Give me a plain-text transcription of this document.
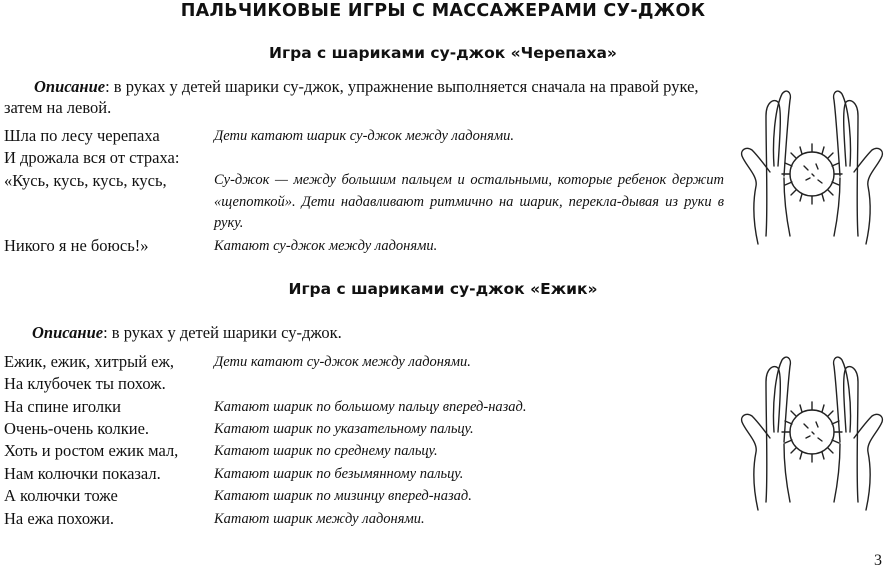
ПАЛЬЧИКОВЫЕ ИГРЫ С МАССАЖЕРАМИ СУ-ДЖОК
Игра с шариками су-джок «Черепаха»
Описание: в руках у детей шарики су-джок, упражнение выполняется сначала на правой руке, затем на левой.
Шла по лесу черепаха	Дети катают шарик су-джок между ладонями.
И дрожала вся от страха:
«Кусь, кусь, кусь, кусь,	Су-джок — между большим пальцем и остальными, которые ребенок держит «щепоткой». Дети надавливают ритмично на шарик, перекла-дывая из руки в руку.
Никого я не боюсь!»	Катают су-джок между ладонями.
Игра с шариками су-джок «Ежик»
Описание: в руках у детей шарики су-джок.
Ежик, ежик, хитрый еж,	Дети катают су-джок между ладонями.
На клубочек ты похож.
На спине иголки	Катают шарик по большому пальцу вперед-назад.
Очень-очень колкие.	Катают шарик по указательному пальцу.
Хоть и ростом ежик мал, Катают шарик по среднему пальцу.
Нам колючки показал.	Катают шарик по безымянному пальцу.
А колючки тоже	Катают шарик по мизинцу вперед-назад.
На ежа похожи.	Катают шарик между ладонями.
3
